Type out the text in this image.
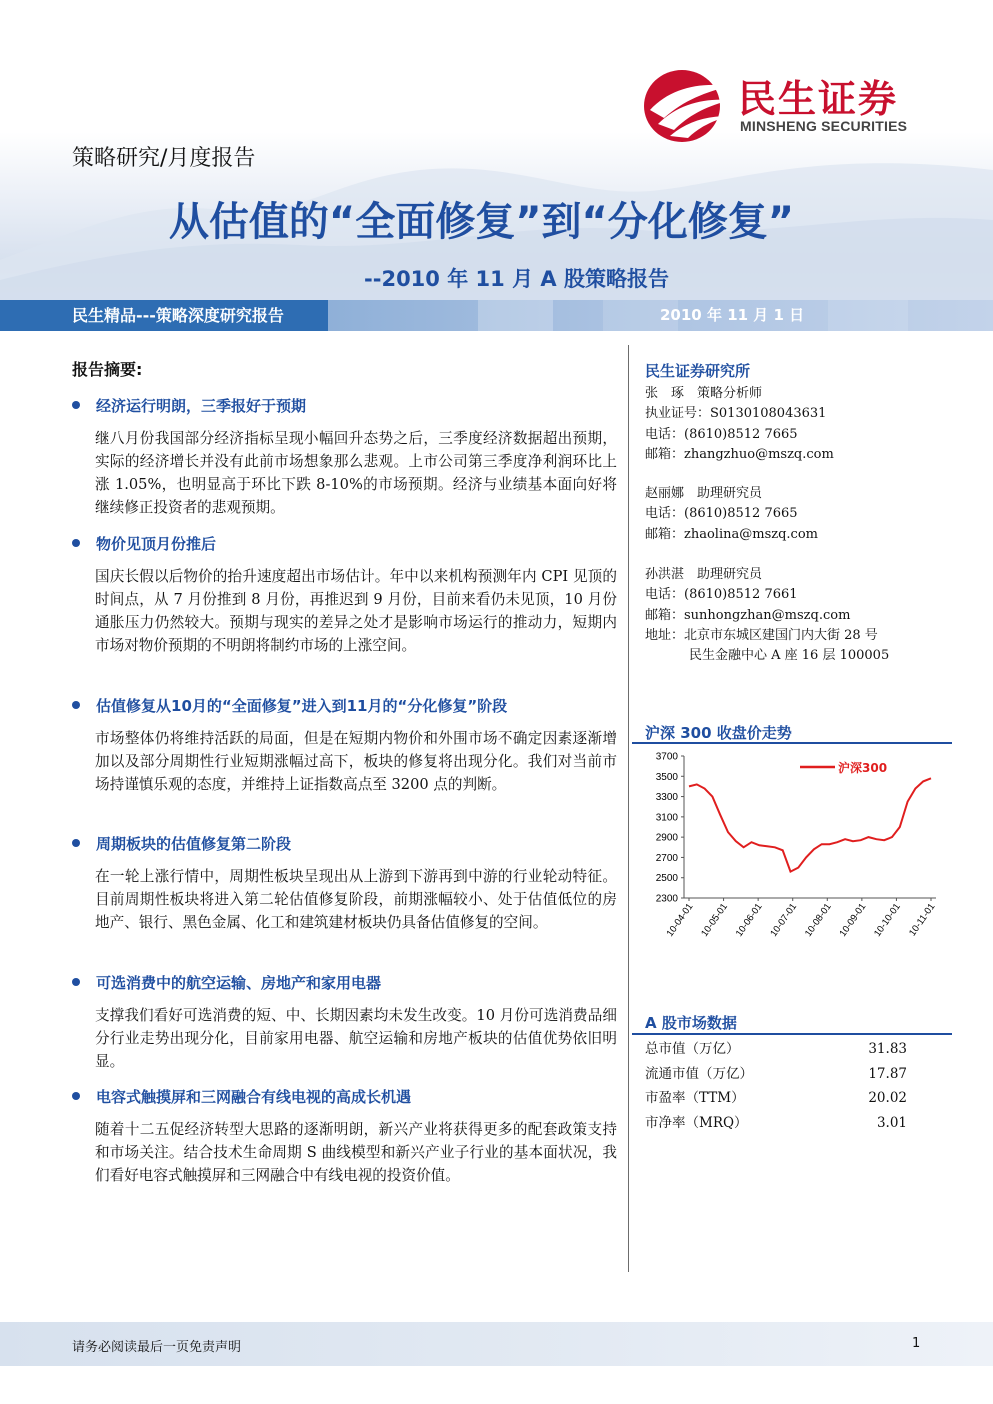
民生证券
MINSHENG SECURITIES
策略研究/月度报告
从估值的“全面修复”到“分化修复”
--2010 年 11 月 A 股策略报告
民生精品---策略深度研究报告	2010 年 11 月 1 日
报告摘要:
经济运行明朗，三季报好于预期
继八月份我国部分经济指标呈现小幅回升态势之后，三季度经济数据超出预期，实际的经济增长并没有此前市场想象那么悲观。上市公司第三季度净利润环比上涨 1.05%，也明显高于环比下跌 8-10%的市场预期。经济与业绩基本面向好将继续修正投资者的悲观预期。
物价见顶月份推后
国庆长假以后物价的抬升速度超出市场估计。年中以来机构预测年内 CPI 见顶的时间点，从 7 月份推到 8 月份，再推迟到 9 月份，目前来看仍未见顶，10 月份通胀压力仍然较大。预期与现实的差异之处才是影响市场运行的推动力，短期内市场对物价预期的不明朗将制约市场的上涨空间。
估值修复从10月的“全面修复”进入到11月的“分化修复”阶段
市场整体仍将维持活跃的局面，但是在短期内物价和外围市场不确定因素逐渐增加以及部分周期性行业短期涨幅过高下，板块的修复将出现分化。我们对当前市场持谨慎乐观的态度，并维持上证指数高点至 3200 点的判断。
周期板块的估值修复第二阶段
在一轮上涨行情中，周期性板块呈现出从上游到下游再到中游的行业轮动特征。目前周期性板块将进入第二轮估值修复阶段，前期涨幅较小、处于估值低位的房地产、银行、黑色金属、化工和建筑建材板块仍具备估值修复的空间。
可选消费中的航空运输、房地产和家用电器
支撑我们看好可选消费的短、中、长期因素均未发生改变。10 月份可选消费品细分行业走势出现分化，目前家用电器、航空运输和房地产板块的估值优势依旧明显。
电容式触摸屏和三网融合有线电视的高成长机遇
随着十二五促经济转型大思路的逐渐明朗，新兴产业将获得更多的配套政策支持和市场关注。结合技术生命周期 S 曲线模型和新兴产业子行业的基本面状况，我们看好电容式触摸屏和三网融合中有线电视的投资价值。
民生证券研究所
张　琢　策略分析师
执业证号：S0130108043631
电话：(8610)8512 7665
邮箱：zhangzhuo@mszq.com
赵丽娜　助理研究员
电话：(8610)8512 7665
邮箱：zhaolina@mszq.com
孙洪湛　助理研究员
电话：(8610)8512 7661
邮箱：sunhongzhan@mszq.com
地址：北京市东城区建国门内大街 28 号
民生金融中心 A 座 16 层 100005
沪深 300 收盘价走势
3700
3500
3300
3100
2900
2700
2500
2300
10-04-01 10-05-01 10-06-01 10-07-01 10-08-01 10-09-01 10-10-01 10-11-01
沪深300
A 股市场数据
总市值（万亿）	31.83
流通市值（万亿）	17.87
市盈率（TTM）	20.02
市净率（MRQ）	3.01
请务必阅读最后一页免责声明	1
